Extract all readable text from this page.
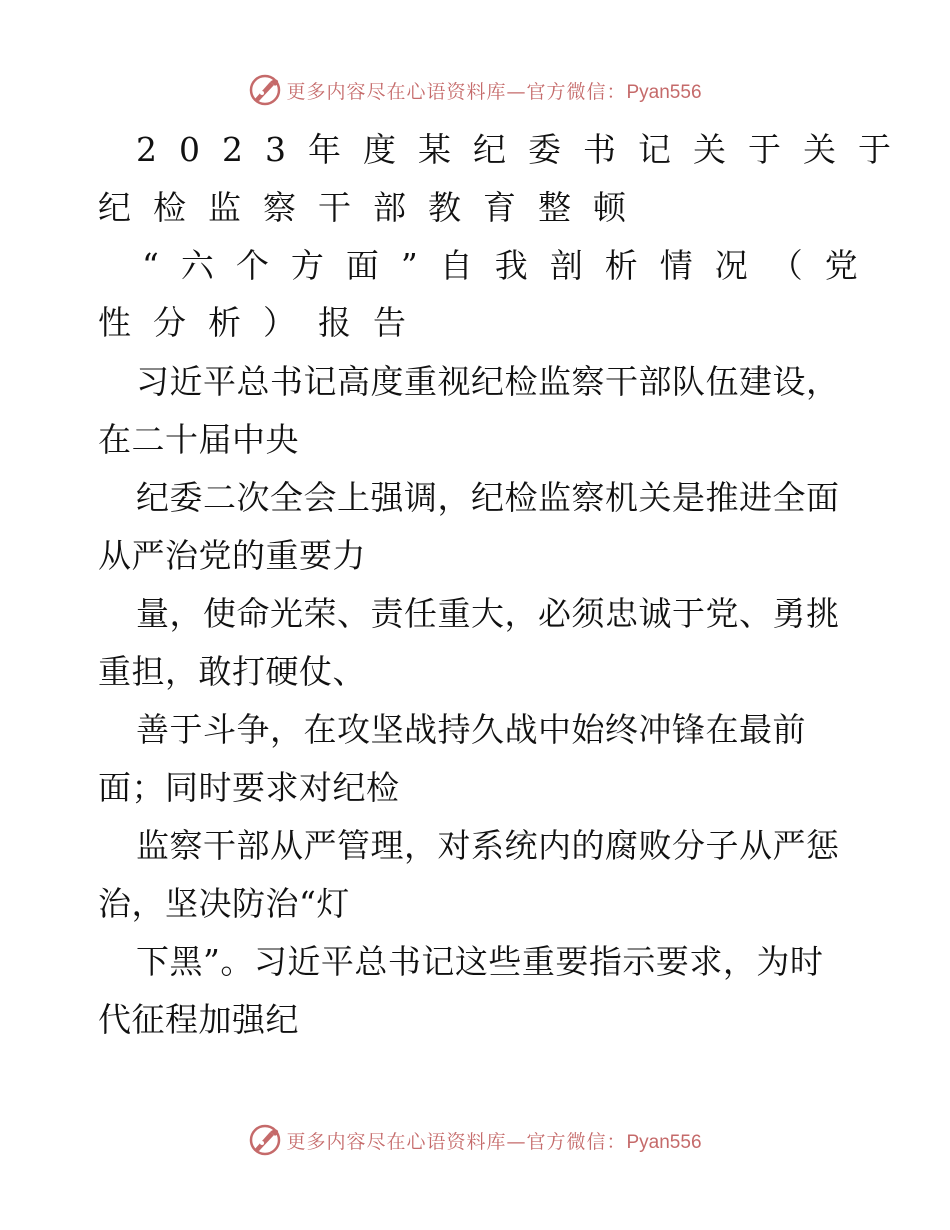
更多内容尽在心语资料库—官方微信：Pyan556
2023年度某纪委书记关于关于
纪检监察干部教育整顿
“六个方面”自我剖析情况（党
性分析）报告
习近平总书记高度重视纪检监察干部队伍建设，
在二十届中央
纪委二次全会上强调，纪检监察机关是推进全面
从严治党的重要力
量，使命光荣、责任重大，必须忠诚于党、勇挑
重担，敢打硬仗、
善于斗争，在攻坚战持久战中始终冲锋在最前
面；同时要求对纪检
监察干部从严管理，对系统内的腐败分子从严惩
治，坚决防治“灯
下黑”。习近平总书记这些重要指示要求，为时
代征程加强纪
更多内容尽在心语资料库—官方微信：Pyan556
